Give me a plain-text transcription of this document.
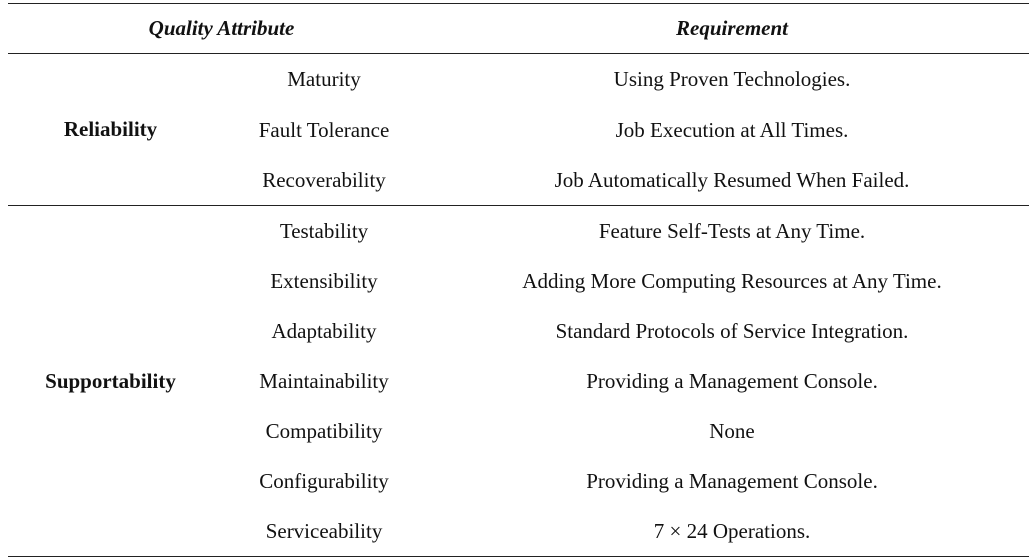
Quality Attribute		Requirement
Reliability	Maturity	Using Proven Technologies.
	Fault Tolerance	Job Execution at All Times.
	Recoverability	Job Automatically Resumed When Failed.
Supportability	Testability	Feature Self-Tests at Any Time.
	Extensibility	Adding More Computing Resources at Any Time.
	Adaptability	Standard Protocols of Service Integration.
	Maintainability	Providing a Management Console.
	Compatibility	None
	Configurability	Providing a Management Console.
	Serviceability	7 × 24 Operations.
